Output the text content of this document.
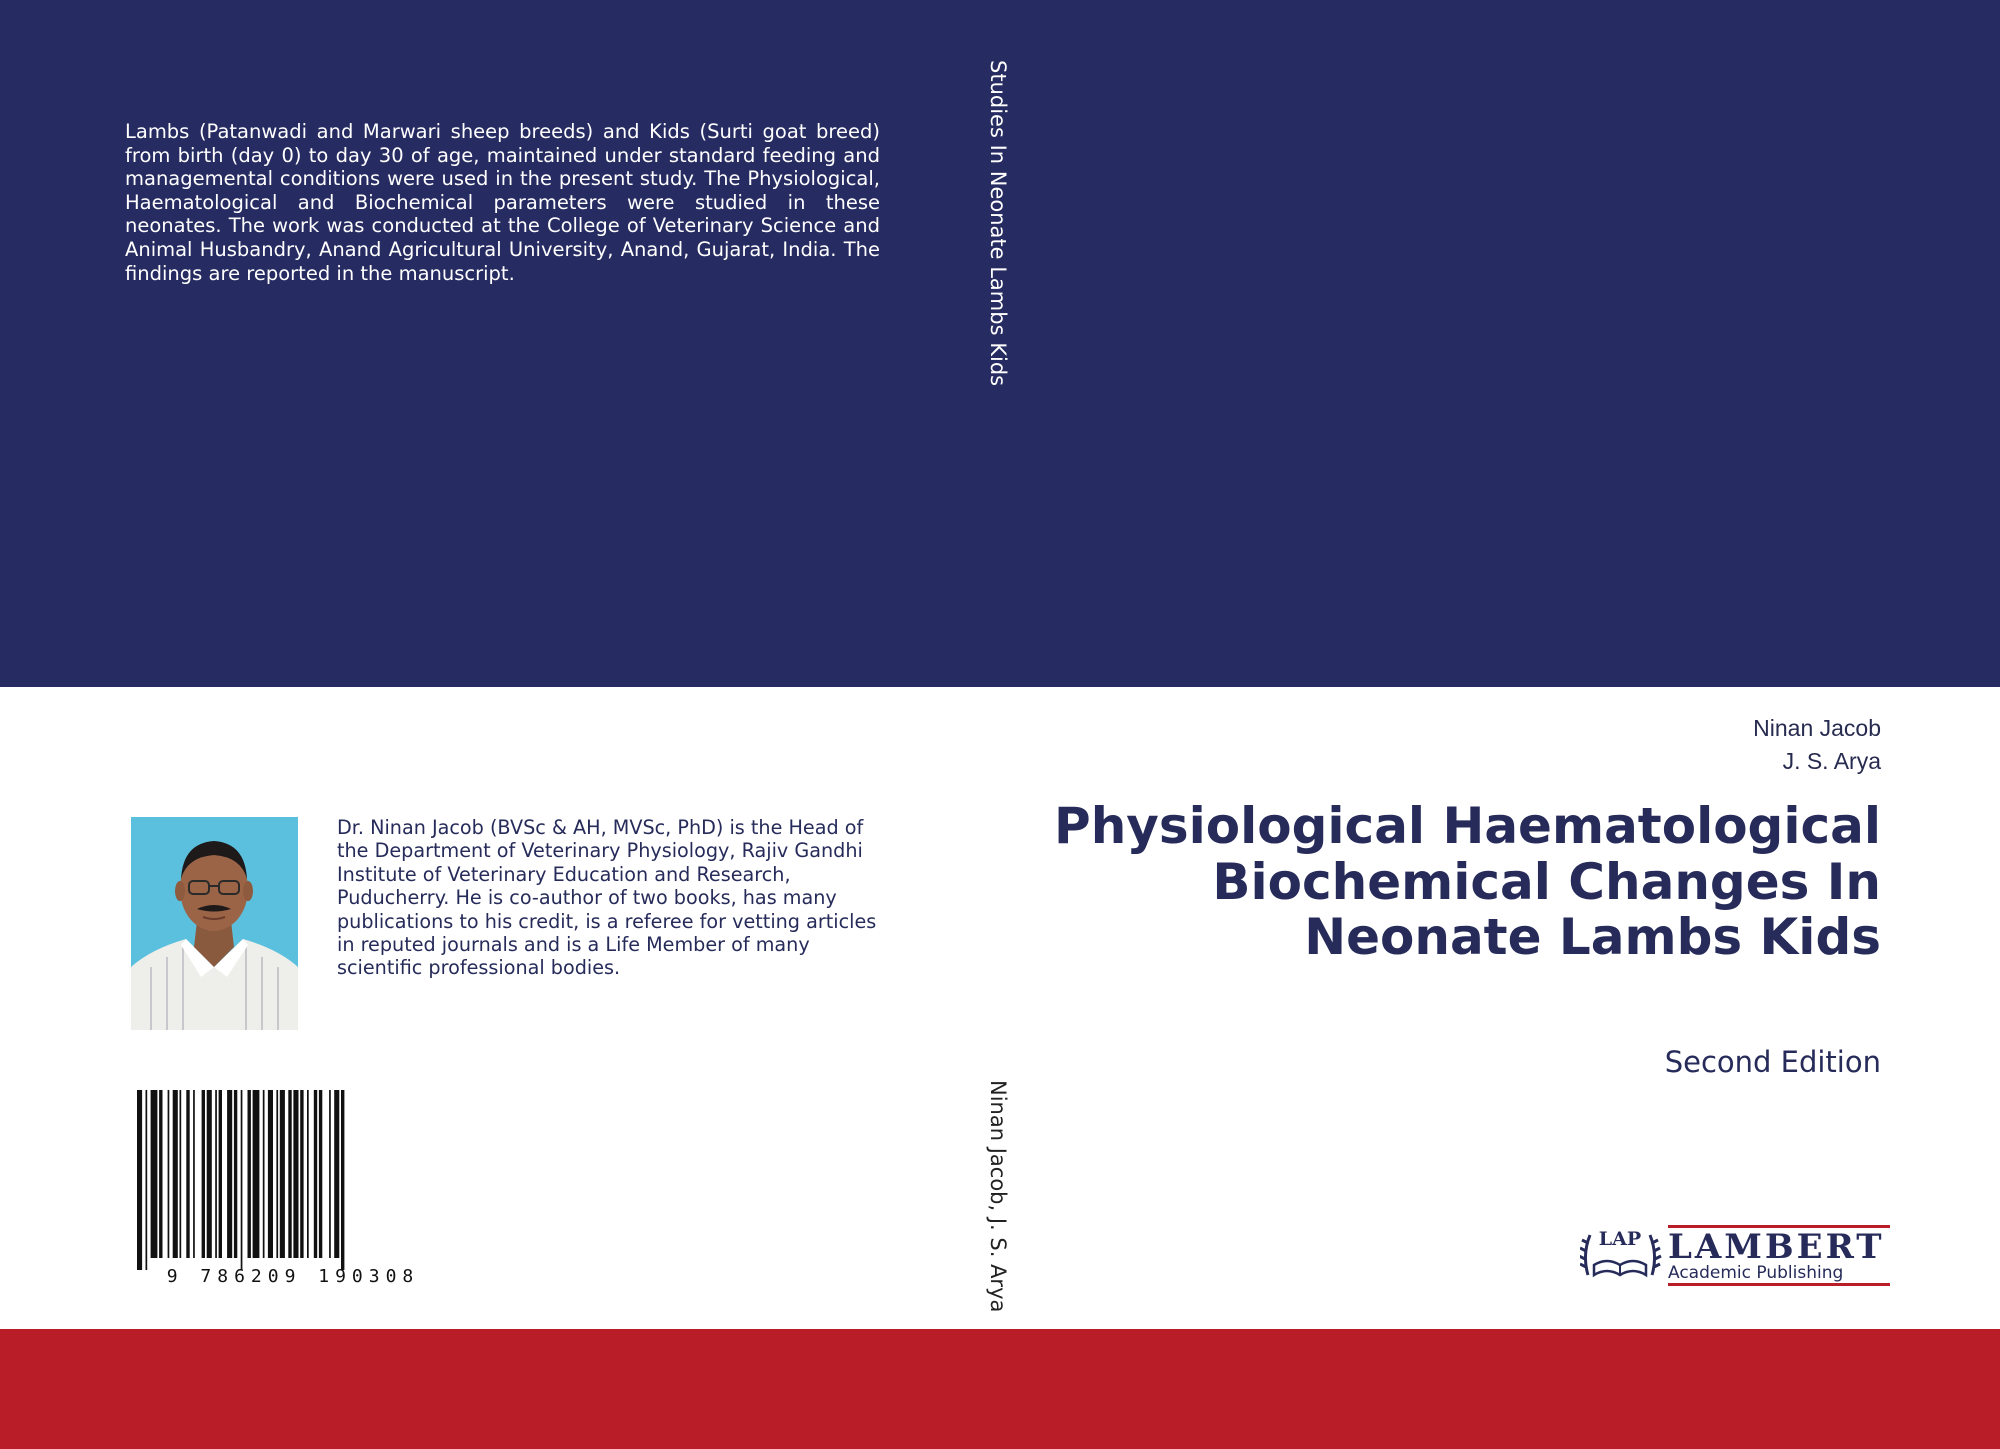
Lambs (Patanwadi and Marwari sheep breeds) and Kids (Surti goat breed) from birth (day 0) to day 30 of age, maintained under standard feeding and managemental conditions were used in the present study. The Physiological, Haematological and Biochemical parameters were studied in these neonates. The work was conducted at the College of Veterinary Science and Animal Husbandry, Anand Agricultural University, Anand, Gujarat, India. The findings are reported in the manuscript.	Studies In Neonate Lambs Kids
Ninan Jacob, J. S. Arya
Ninan Jacob
J. S. Arya
Physiological Haematological Biochemical Changes In Neonate Lambs Kids
Second Edition
Dr. Ninan Jacob (BVSc & AH, MVSc, PhD) is the Head of the Department of Veterinary Physiology, Rajiv Gandhi Institute of Veterinary Education and Research, Puducherry. He is co-author of two books, has many publications to his credit, is a referee for vetting articles in reputed journals and is a Life Member of many scientific professional bodies.
9 786209 190308
LAP LAMBERT
Academic Publishing
